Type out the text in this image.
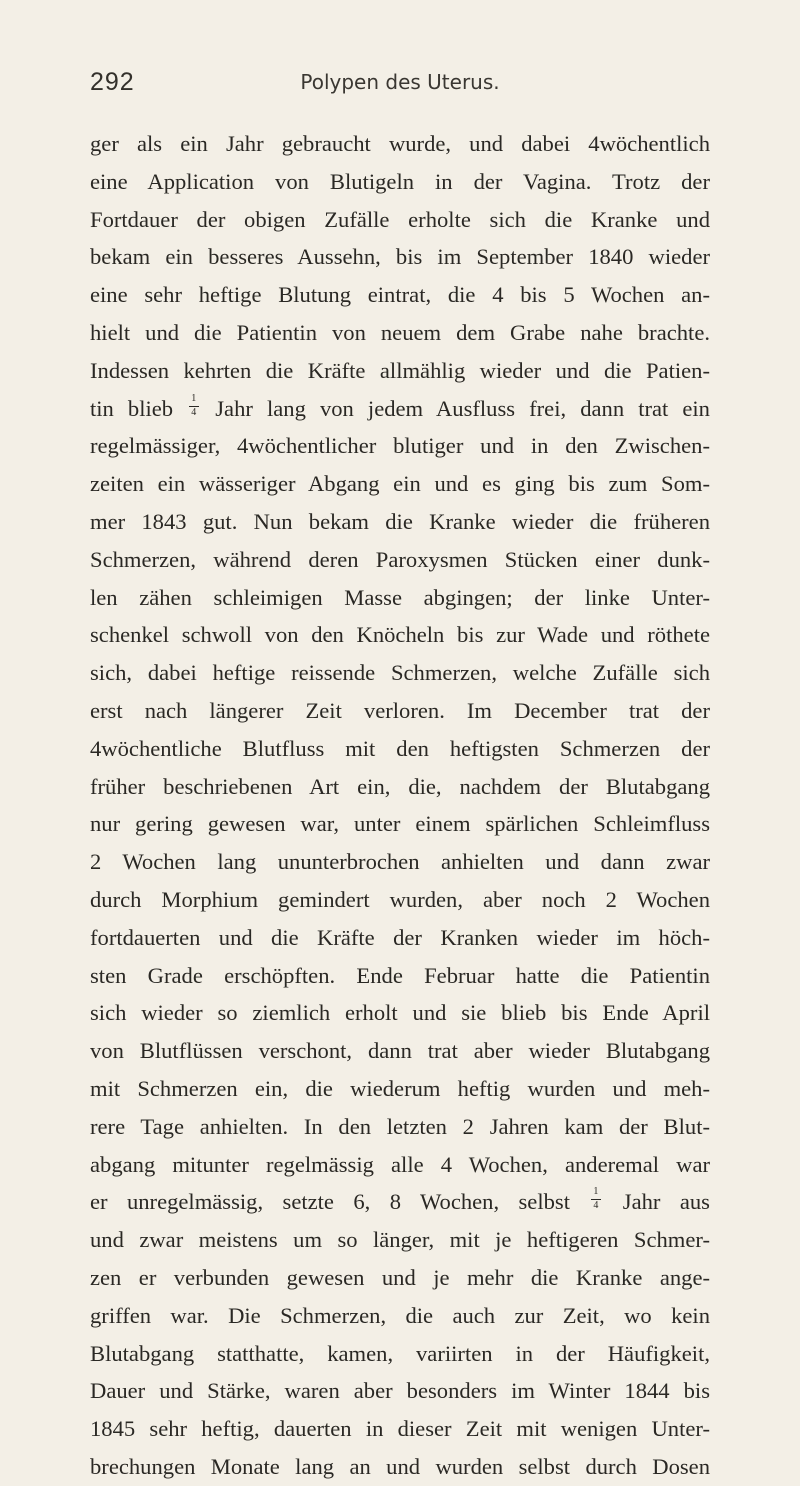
292	Polypen des Uterus.
ger als ein Jahr gebraucht wurde, und dabei 4wöchentlich
eine Application von Blutigeln in der Vagina. Trotz der
Fortdauer der obigen Zufälle erholte sich die Kranke und
bekam ein besseres Aussehn, bis im September 1840 wieder
eine sehr heftige Blutung eintrat, die 4 bis 5 Wochen an-
hielt und die Patientin von neuem dem Grabe nahe brachte.
Indessen kehrten die Kräfte allmählig wieder und die Patien-
tin blieb $\frac{1}{4}$ Jahr lang von jedem Ausfluss frei, dann trat ein
regelmässiger, 4wöchentlicher blutiger und in den Zwischen-
zeiten ein wässeriger Abgang ein und es ging bis zum Som-
mer 1843 gut. Nun bekam die Kranke wieder die früheren
Schmerzen, während deren Paroxysmen Stücken einer dunk-
len zähen schleimigen Masse abgingen; der linke Unter-
schenkel schwoll von den Knöcheln bis zur Wade und röthete
sich, dabei heftige reissende Schmerzen, welche Zufälle sich
erst nach längerer Zeit verloren. Im December trat der
4wöchentliche Blutfluss mit den heftigsten Schmerzen der
früher beschriebenen Art ein, die, nachdem der Blutabgang
nur gering gewesen war, unter einem spärlichen Schleimfluss
2 Wochen lang ununterbrochen anhielten und dann zwar
durch Morphium gemindert wurden, aber noch 2 Wochen
fortdauerten und die Kräfte der Kranken wieder im höch-
sten Grade erschöpften. Ende Februar hatte die Patientin
sich wieder so ziemlich erholt und sie blieb bis Ende April
von Blutflüssen verschont, dann trat aber wieder Blutabgang
mit Schmerzen ein, die wiederum heftig wurden und meh-
rere Tage anhielten. In den letzten 2 Jahren kam der Blut-
abgang mitunter regelmässig alle 4 Wochen, anderemal war
er unregelmässig, setzte 6, 8 Wochen, selbst $\frac{1}{4}$ Jahr aus
und zwar meistens um so länger, mit je heftigeren Schmer-
zen er verbunden gewesen und je mehr die Kranke ange-
griffen war. Die Schmerzen, die auch zur Zeit, wo kein
Blutabgang statthatte, kamen, variirten in der Häufigkeit,
Dauer und Stärke, waren aber besonders im Winter 1844 bis
1845 sehr heftig, dauerten in dieser Zeit mit wenigen Unter-
brechungen Monate lang an und wurden selbst durch Dosen
